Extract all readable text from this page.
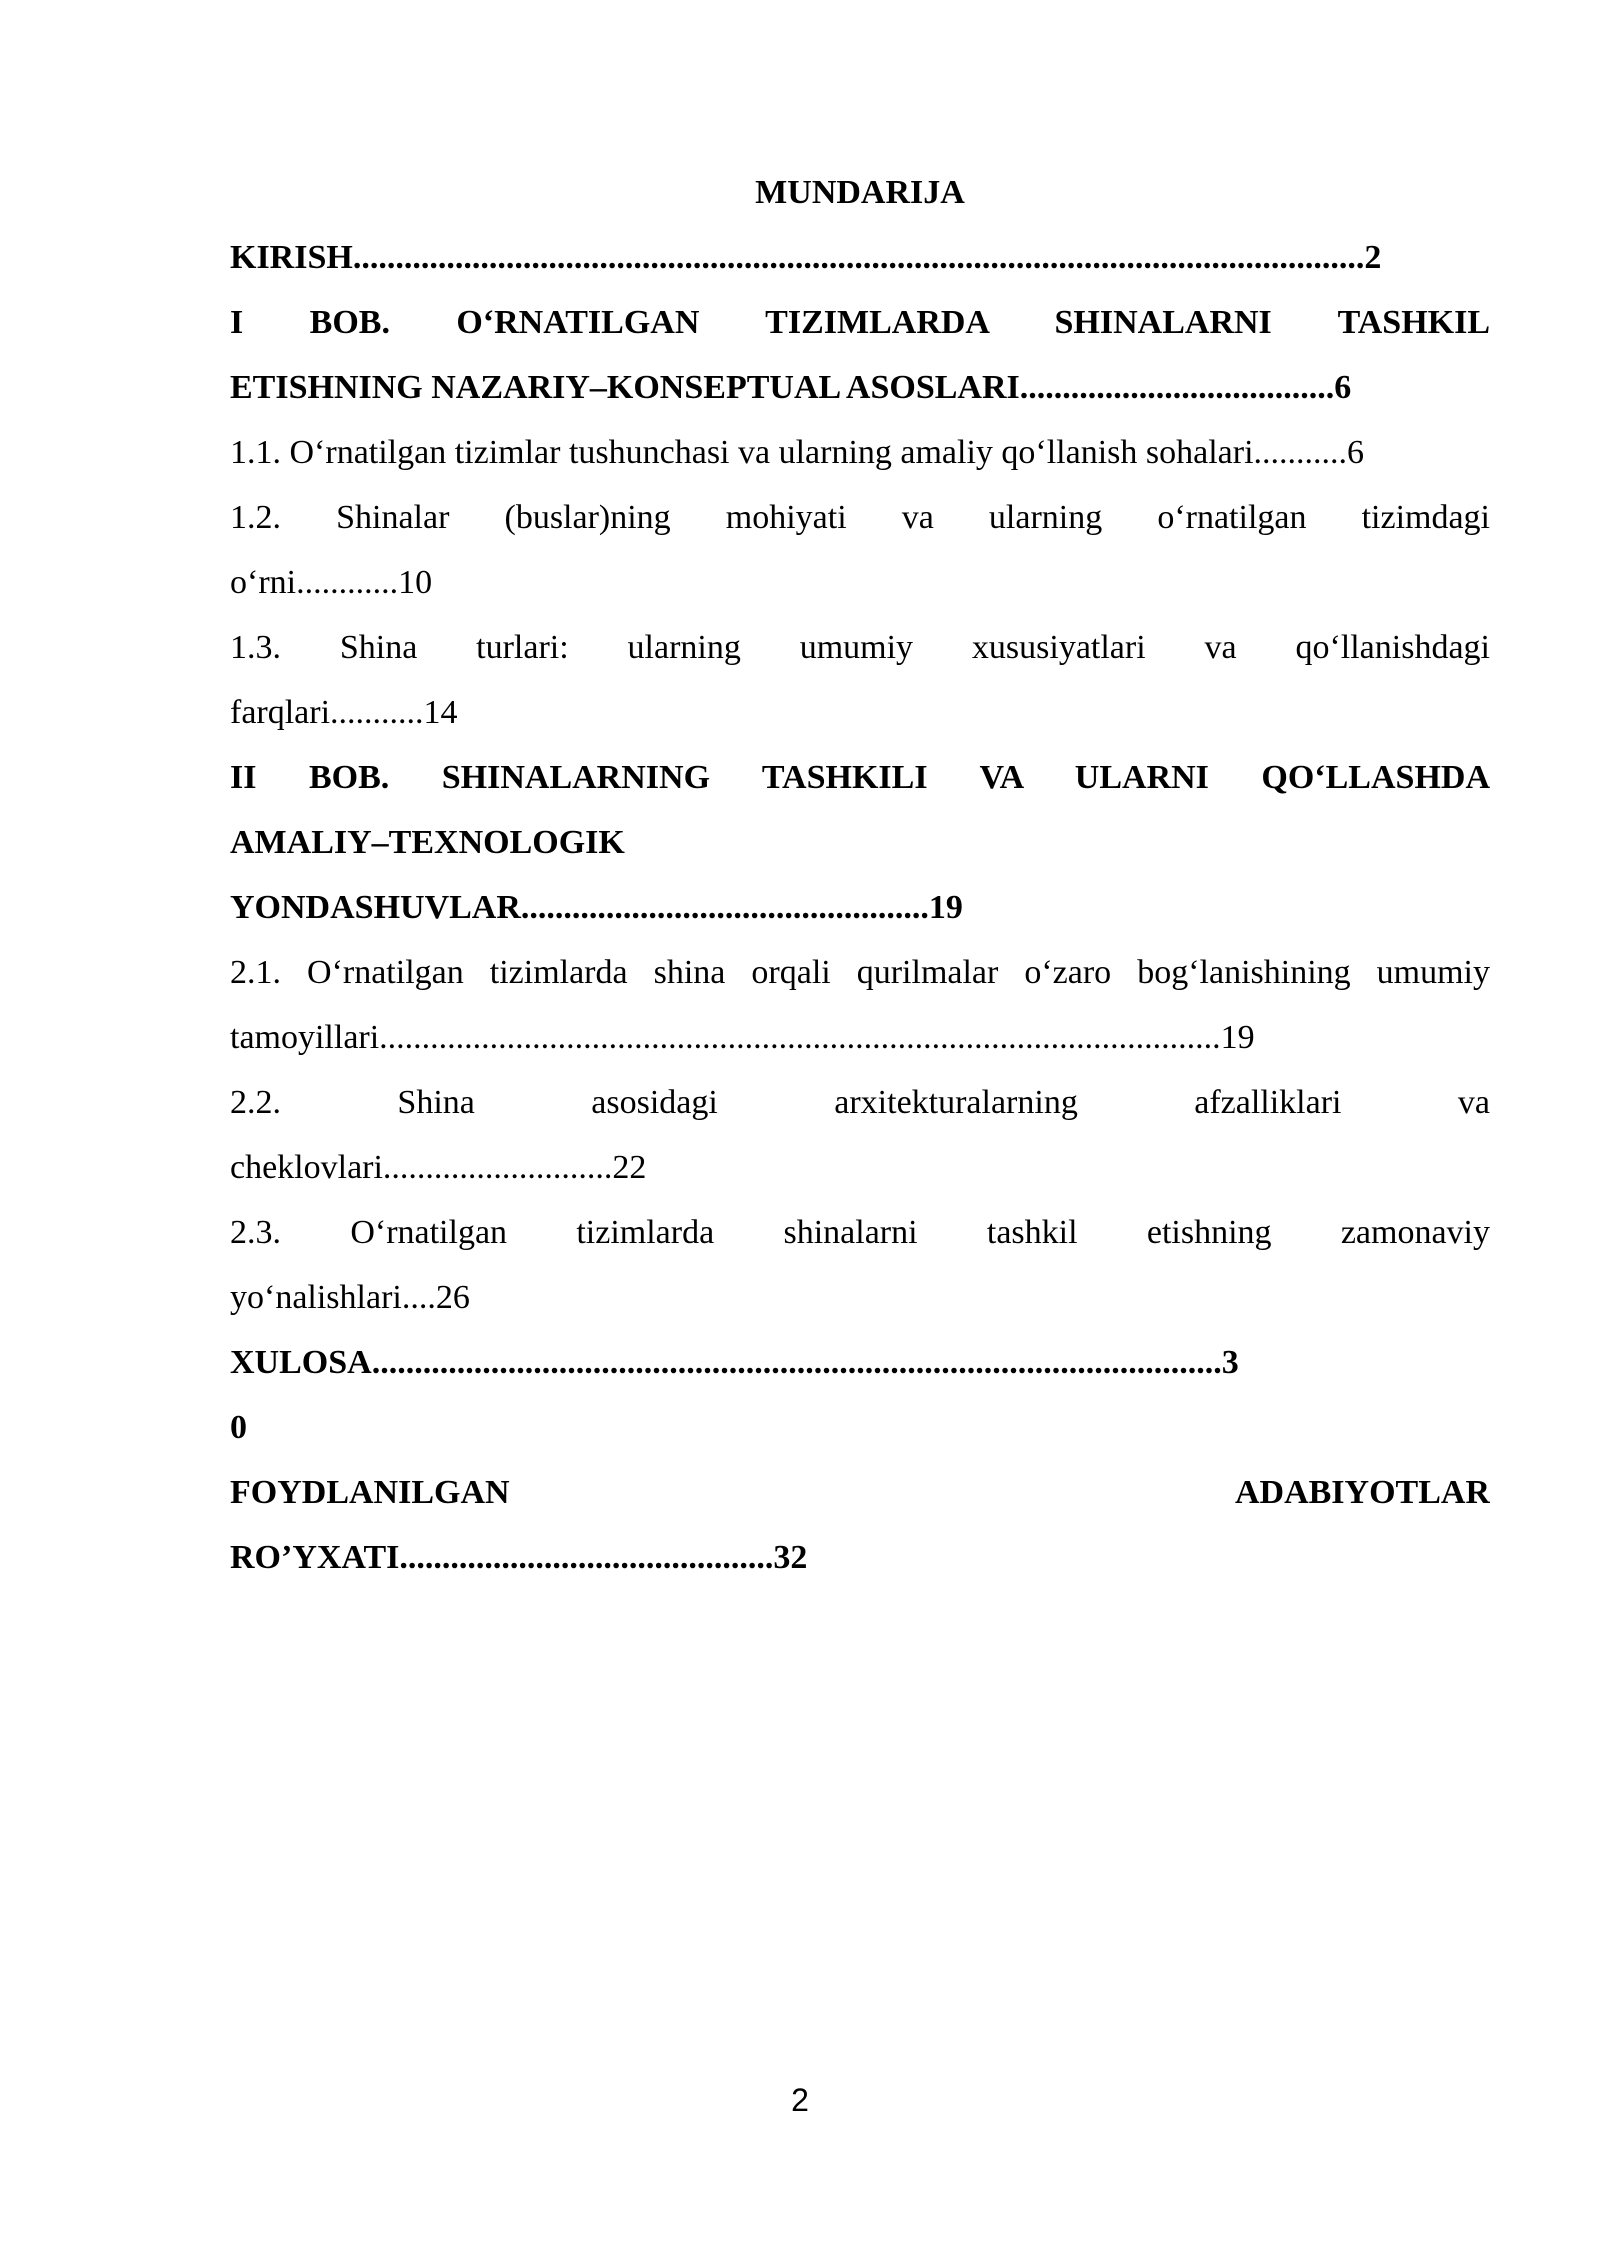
MUNDARIJA
KIRISH.......................................................................................................................2
I BOB. O‘RNATILGAN TIZIMLARDA SHINALARNI TASHKIL
ETISHNING NAZARIY–KONSEPTUAL ASOSLARI.....................................6
1.1. O‘rnatilgan tizimlar tushunchasi va ularning amaliy qo‘llanish sohalari...........6
1.2. Shinalar (buslar)ning mohiyati va ularning o‘rnatilgan tizimdagi
o‘rni............10
1.3. Shina turlari: ularning umumiy xususiyatlari va qo‘llanishdagi
farqlari...........14
II BOB. SHINALARNING TASHKILI VA ULARNI QO‘LLASHDA
AMALIY–TEXNOLOGIK
YONDASHUVLAR................................................19
2.1. O‘rnatilgan tizimlarda shina orqali qurilmalar o‘zaro bog‘lanishining umumiy
tamoyillari...................................................................................................19
2.2. Shina asosidagi arxitekturalarning afzalliklari va
cheklovlari...........................22
2.3. O‘rnatilgan tizimlarda shinalarni tashkil etishning zamonaviy
yo‘nalishlari....26
XULOSA....................................................................................................3
0
FOYDLANILGAN ADABIYOTLAR
RO’YXATI............................................32
2
